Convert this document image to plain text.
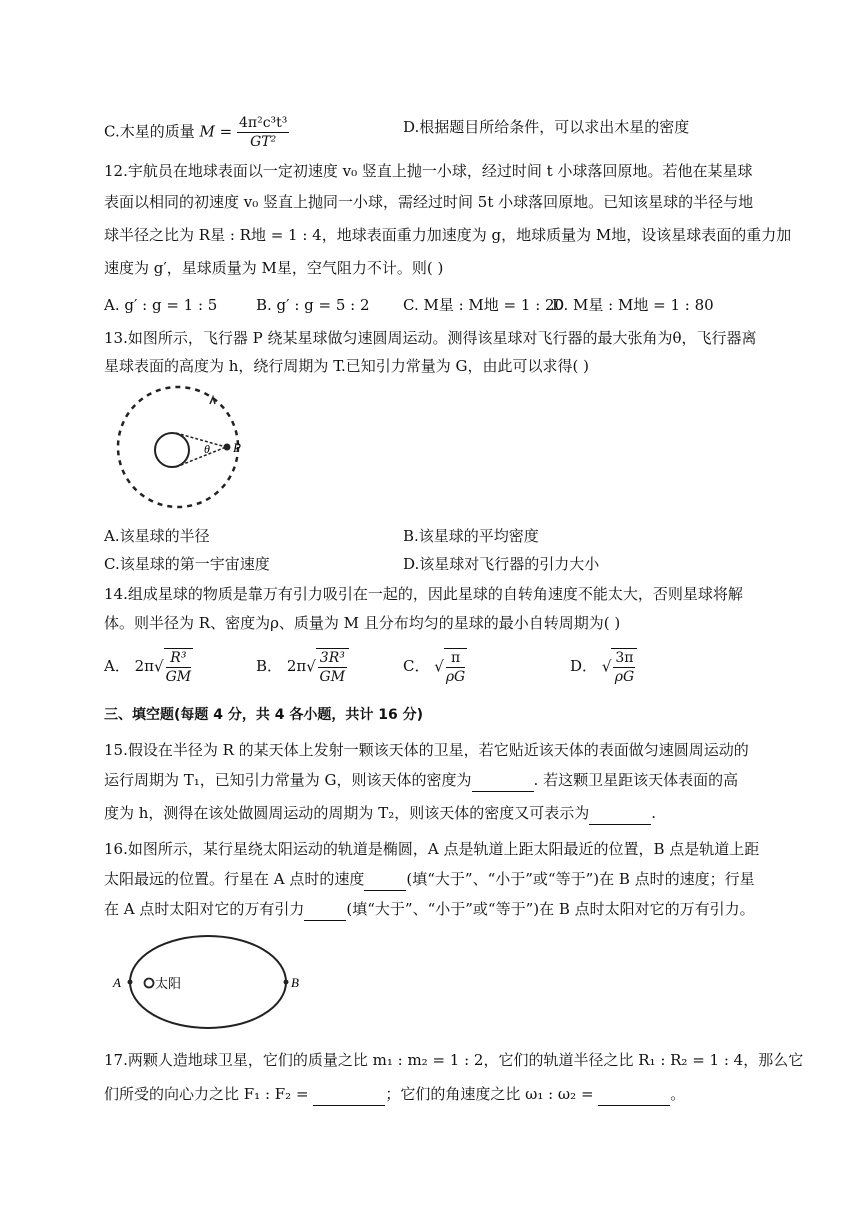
C.木星的质量 $M = \frac{\text{4π²c³t³}}{\text{GT²}}$	D.根据题目所给条件，可以求出木星的密度
12.宇航员在地球表面以一定初速度 v₀ 竖直上抛一小球，经过时间 t 小球落回原地。若他在某星球
表面以相同的初速度 v₀ 竖直上抛同一小球，需经过时间 5t 小球落回原地。已知该星球的半径与地
球半径之比为 R星 : R地 = 1 : 4，地球表面重力加速度为 g，地球质量为 M地，设该星球表面的重力加
速度为 g′，星球质量为 M星，空气阻力不计。则( )
A. g′ : g = 1 : 5	B. g′ : g = 5 : 2 C. M星 : M地 = 1 : 20
D. M星 : M地 = 1 : 80
13.如图所示，飞行器 P 绕某星球做匀速圆周运动。测得该星球对飞行器的最大张角为θ，飞行器离
星球表面的高度为 h，绕行周期为 T.已知引力常量为 G，由此可以求得( )
θ P
A.该星球的半径	B.该星球的平均密度
C.该星球的第一宇宙速度	D.该星球对飞行器的引力大小
14.组成星球的物质是靠万有引力吸引在一起的，因此星球的自转角速度不能太大，否则星球将解
体。则半径为 R、密度为ρ、质量为 M 且分布均匀的星球的最小自转周期为( )
A． $2\pi√ \frac{\text{R³}}{GM}$	B． $2\pi√ \frac{\text{3R³}}{GM}$	C． √ $\frac{\pi}{\rho G}$	D． √ $\frac{3\pi}{\rho G}$
三、填空题(每题 4 分，共 4 各小题，共计 16 分)
15.假设在半径为 R 的某天体上发射一颗该天体的卫星，若它贴近该天体的表面做匀速圆周运动的
运行周期为 T₁，已知引力常量为 G，则该天体的密度为	. 若这颗卫星距该天体表面的高
度为 h，测得在该处做圆周运动的周期为 T₂，则该天体的密度又可表示为	.
16.如图所示，某行星绕太阳运动的轨道是椭圆，A 点是轨道上距太阳最近的位置，B 点是轨道上距
太阳最远的位置。行星在 A 点时的速度	(填“大于”、“小于”或“等于”)在 B 点时的速度；行星
在 A 点时太阳对它的万有引力	(填“大于”、“小于”或“等于”)在 B 点时太阳对它的万有引力。
A	太阳	B
17.两颗人造地球卫星，它们的质量之比 m₁ : m₂ = 1 : 2，它们的轨道半径之比 R₁ : R₂ = 1 : 4，那么它
们所受的向心力之比 F₁ : F₂ =	；它们的角速度之比 ω₁ : ω₂ =	。
